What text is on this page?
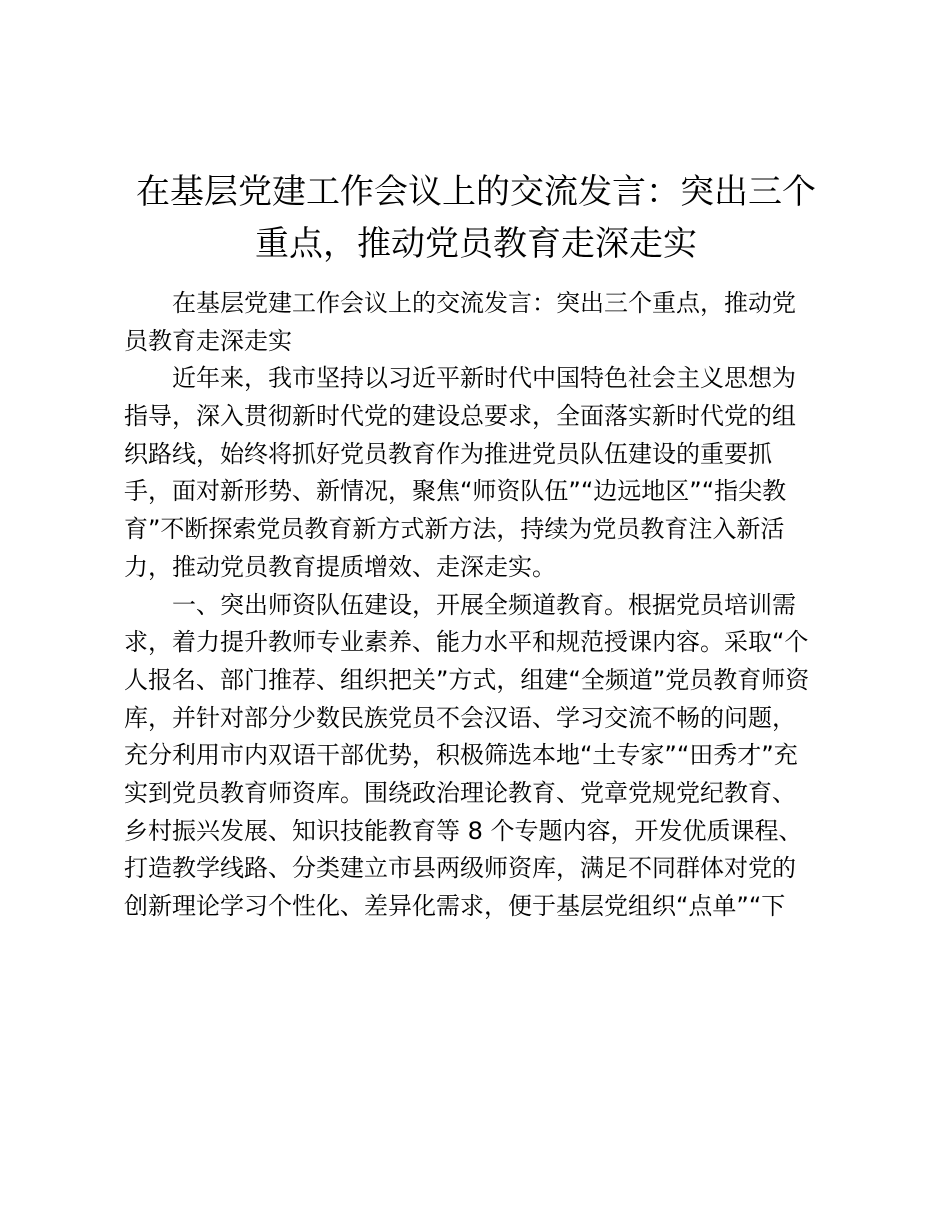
在基层党建工作会议上的交流发言：突出三个
重点，推动党员教育走深走实
在基层党建工作会议上的交流发言：突出三个重点，推动党
员教育走深走实
近年来，我市坚持以习近平新时代中国特色社会主义思想为
指导，深入贯彻新时代党的建设总要求，全面落实新时代党的组
织路线，始终将抓好党员教育作为推进党员队伍建设的重要抓
手，面对新形势、新情况，聚焦“师资队伍”“边远地区”“指尖教
育”不断探索党员教育新方式新方法，持续为党员教育注入新活
力，推动党员教育提质增效、走深走实。
一、突出师资队伍建设，开展全频道教育。根据党员培训需
求，着力提升教师专业素养、能力水平和规范授课内容。采取“个
人报名、部门推荐、组织把关”方式，组建“全频道”党员教育师资
库，并针对部分少数民族党员不会汉语、学习交流不畅的问题，
充分利用市内双语干部优势，积极筛选本地“土专家”“田秀才”充
实到党员教育师资库。围绕政治理论教育、党章党规党纪教育、
乡村振兴发展、知识技能教育等 8 个专题内容，开发优质课程、
打造教学线路、分类建立市县两级师资库，满足不同群体对党的
创新理论学习个性化、差异化需求，便于基层党组织“点单”“下
